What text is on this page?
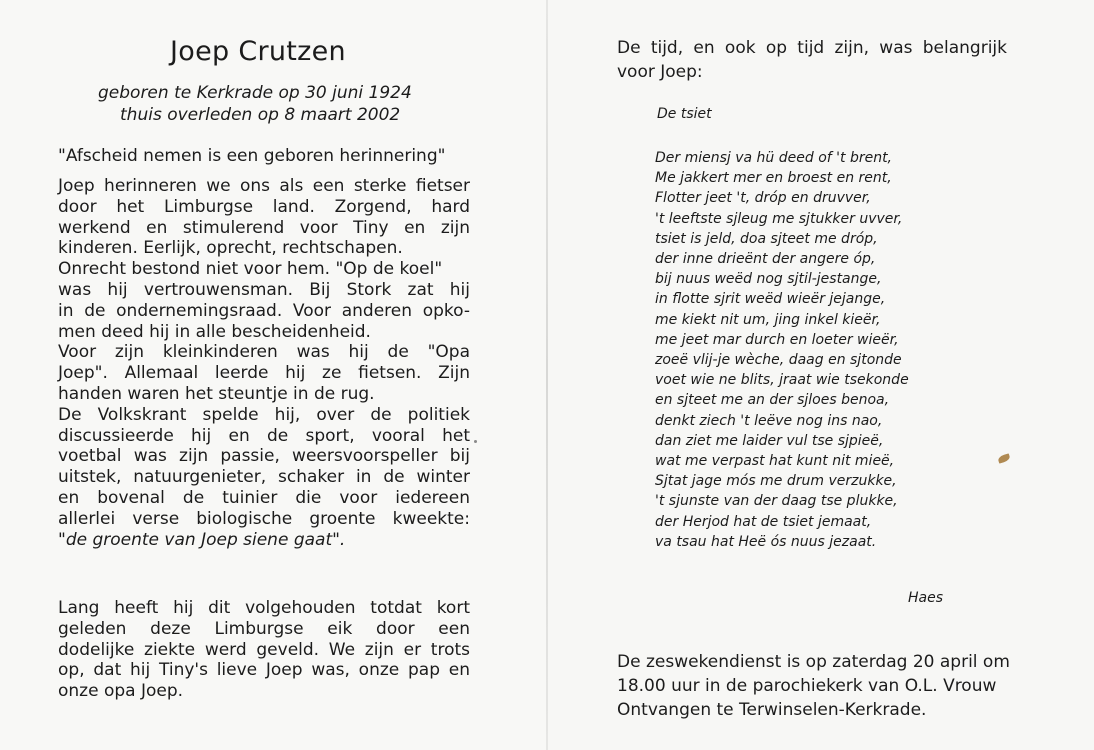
Joep Crutzen

geboren te Kerkrade op 30 juni 1924

thuis overleden op 8 maart 2002

"Afscheid nemen is een geboren herinnering"

Joep herinneren we ons als een sterke fietser
door het Limburgse land. Zorgend, hard
werkend en stimulerend voor Tiny en zijn
kinderen. Eerlijk, oprecht, rechtschapen.
Onrecht bestond niet voor hem. "Op de koel"
was hij vertrouwensman. Bij Stork zat hij
in de ondernemingsraad. Voor anderen opko-
men deed hij in alle bescheidenheid.
Voor zijn kleinkinderen was hij de "Opa
Joep". Allemaal leerde hij ze fietsen. Zijn
handen waren het steuntje in de rug.
De Volkskrant spelde hij, over de politiek
discussieerde hij en de sport, vooral het
voetbal was zijn passie, weersvoorspeller bij
uitstek, natuurgenieter, schaker in de winter
en bovenal de tuinier die voor iedereen
allerlei verse biologische groente kweekte:
"de groente van Joep siene gaat".
Lang heeft hij dit volgehouden totdat kort
geleden deze Limburgse eik door een
dodelijke ziekte werd geveld. We zijn er trots
op, dat hij Tiny's lieve Joep was, onze pap en
onze opa Joep.
De tijd, en ook op tijd zijn, was belangrijk
voor Joep:

De tsiet

Der miensj va hü deed of 't brent,
Me jakkert mer en broest en rent,
Flotter jeet 't, dróp en druvver,
't leeftste sjleug me sjtukker uvver,
tsiet is jeld, doa sjteet me dróp,
der inne drieënt der angere óp,
bij nuus weëd nog sjtil-jestange,
in flotte sjrit weëd wieër jejange,
me kiekt nit um, jing inkel kieër,
me jeet mar durch en loeter wieër,
zoeë vlij-je wèche, daag en sjtonde
voet wie ne blits, jraat wie tsekonde
en sjteet me an der sjloes benoa,
denkt ziech 't leëve nog ins nao,
dan ziet me laider vul tse sjpieë,
wat me verpast hat kunt nit mieë,
Sjtat jage mós me drum verzukke,
't sjunste van der daag tse plukke,
der Herjod hat de tsiet jemaat,
va tsau hat Heë ós nuus jezaat.

Haes

De zeswekendienst is op zaterdag 20 april om
18.00 uur in de parochiekerk van O.L. Vrouw
Ontvangen te Terwinselen-Kerkrade.
